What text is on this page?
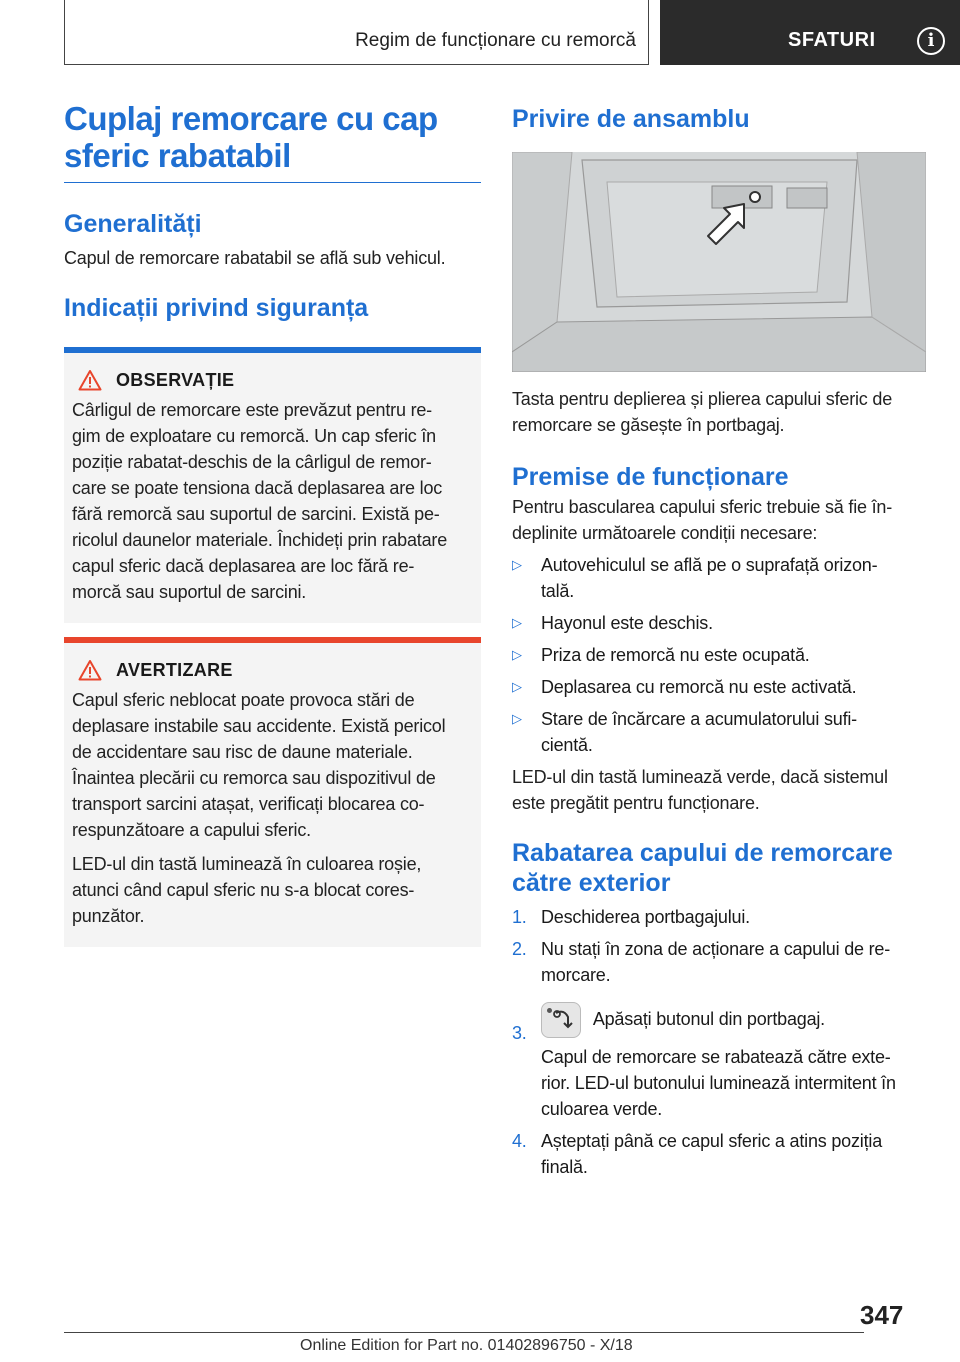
Regim de funcționare cu remorcă	SFATURI	i
Cuplaj remorcare cu cap
sferic rabatabil
Generalități
Capul de remorcare rabatabil se află sub vehicul.
Indicații privind siguranța
OBSERVAȚIE

Cârligul de remorcare este prevăzut pentru re-
gim de exploatare cu remorcă. Un cap sferic în
poziție rabatat-deschis de la cârligul de remor-
care se poate tensiona dacă deplasarea are loc
fără remorcă sau suportul de sarcini. Există pe-
ricolul daunelor materiale. Închideți prin rabatare
capul sferic dacă deplasarea are loc fără re-
morcă sau suportul de sarcini.

AVERTIZARE

Capul sferic neblocat poate provoca stări de
deplasare instabile sau accidente. Există pericol
de accidentare sau risc de daune materiale.
Înaintea plecării cu remorca sau dispozitivul de
transport sarcini atașat, verificați blocarea co-
respunzătoare a capului sferic.

LED-ul din tastă luminează în culoarea roșie,
atunci când capul sferic nu s-a blocat cores-
punzător.

Privire de ansamblu
Tasta pentru deplierea și plierea capului sferic de
remorcare se găsește în portbagaj.
Premise de funcționare
Pentru bascularea capului sferic trebuie să fie în-
deplinite următoarele condiții necesare:
▷ Autovehiculul se află pe o suprafață orizon-
tală.
▷ Hayonul este deschis.
▷ Priza de remorcă nu este ocupată.
▷ Deplasarea cu remorcă nu este activată.
▷ Stare de încărcare a acumulatorului sufi-
cientă.
LED-ul din tastă luminează verde, dacă sistemul
este pregătit pentru funcționare.
Rabatarea capului de remorcare
către exterior
1. Deschiderea portbagajului.
2. Nu stați în zona de acționare a capului de re-
morcare.
3.
Apăsați butonul din portbagaj.
Capul de remorcare se rabatează către exte-
rior. LED-ul butonului luminează intermitent în
culoarea verde.
4. Așteptați până ce capul sferic a atins poziția
finală.
347
Online Edition for Part no. 01402896750 - X/18
